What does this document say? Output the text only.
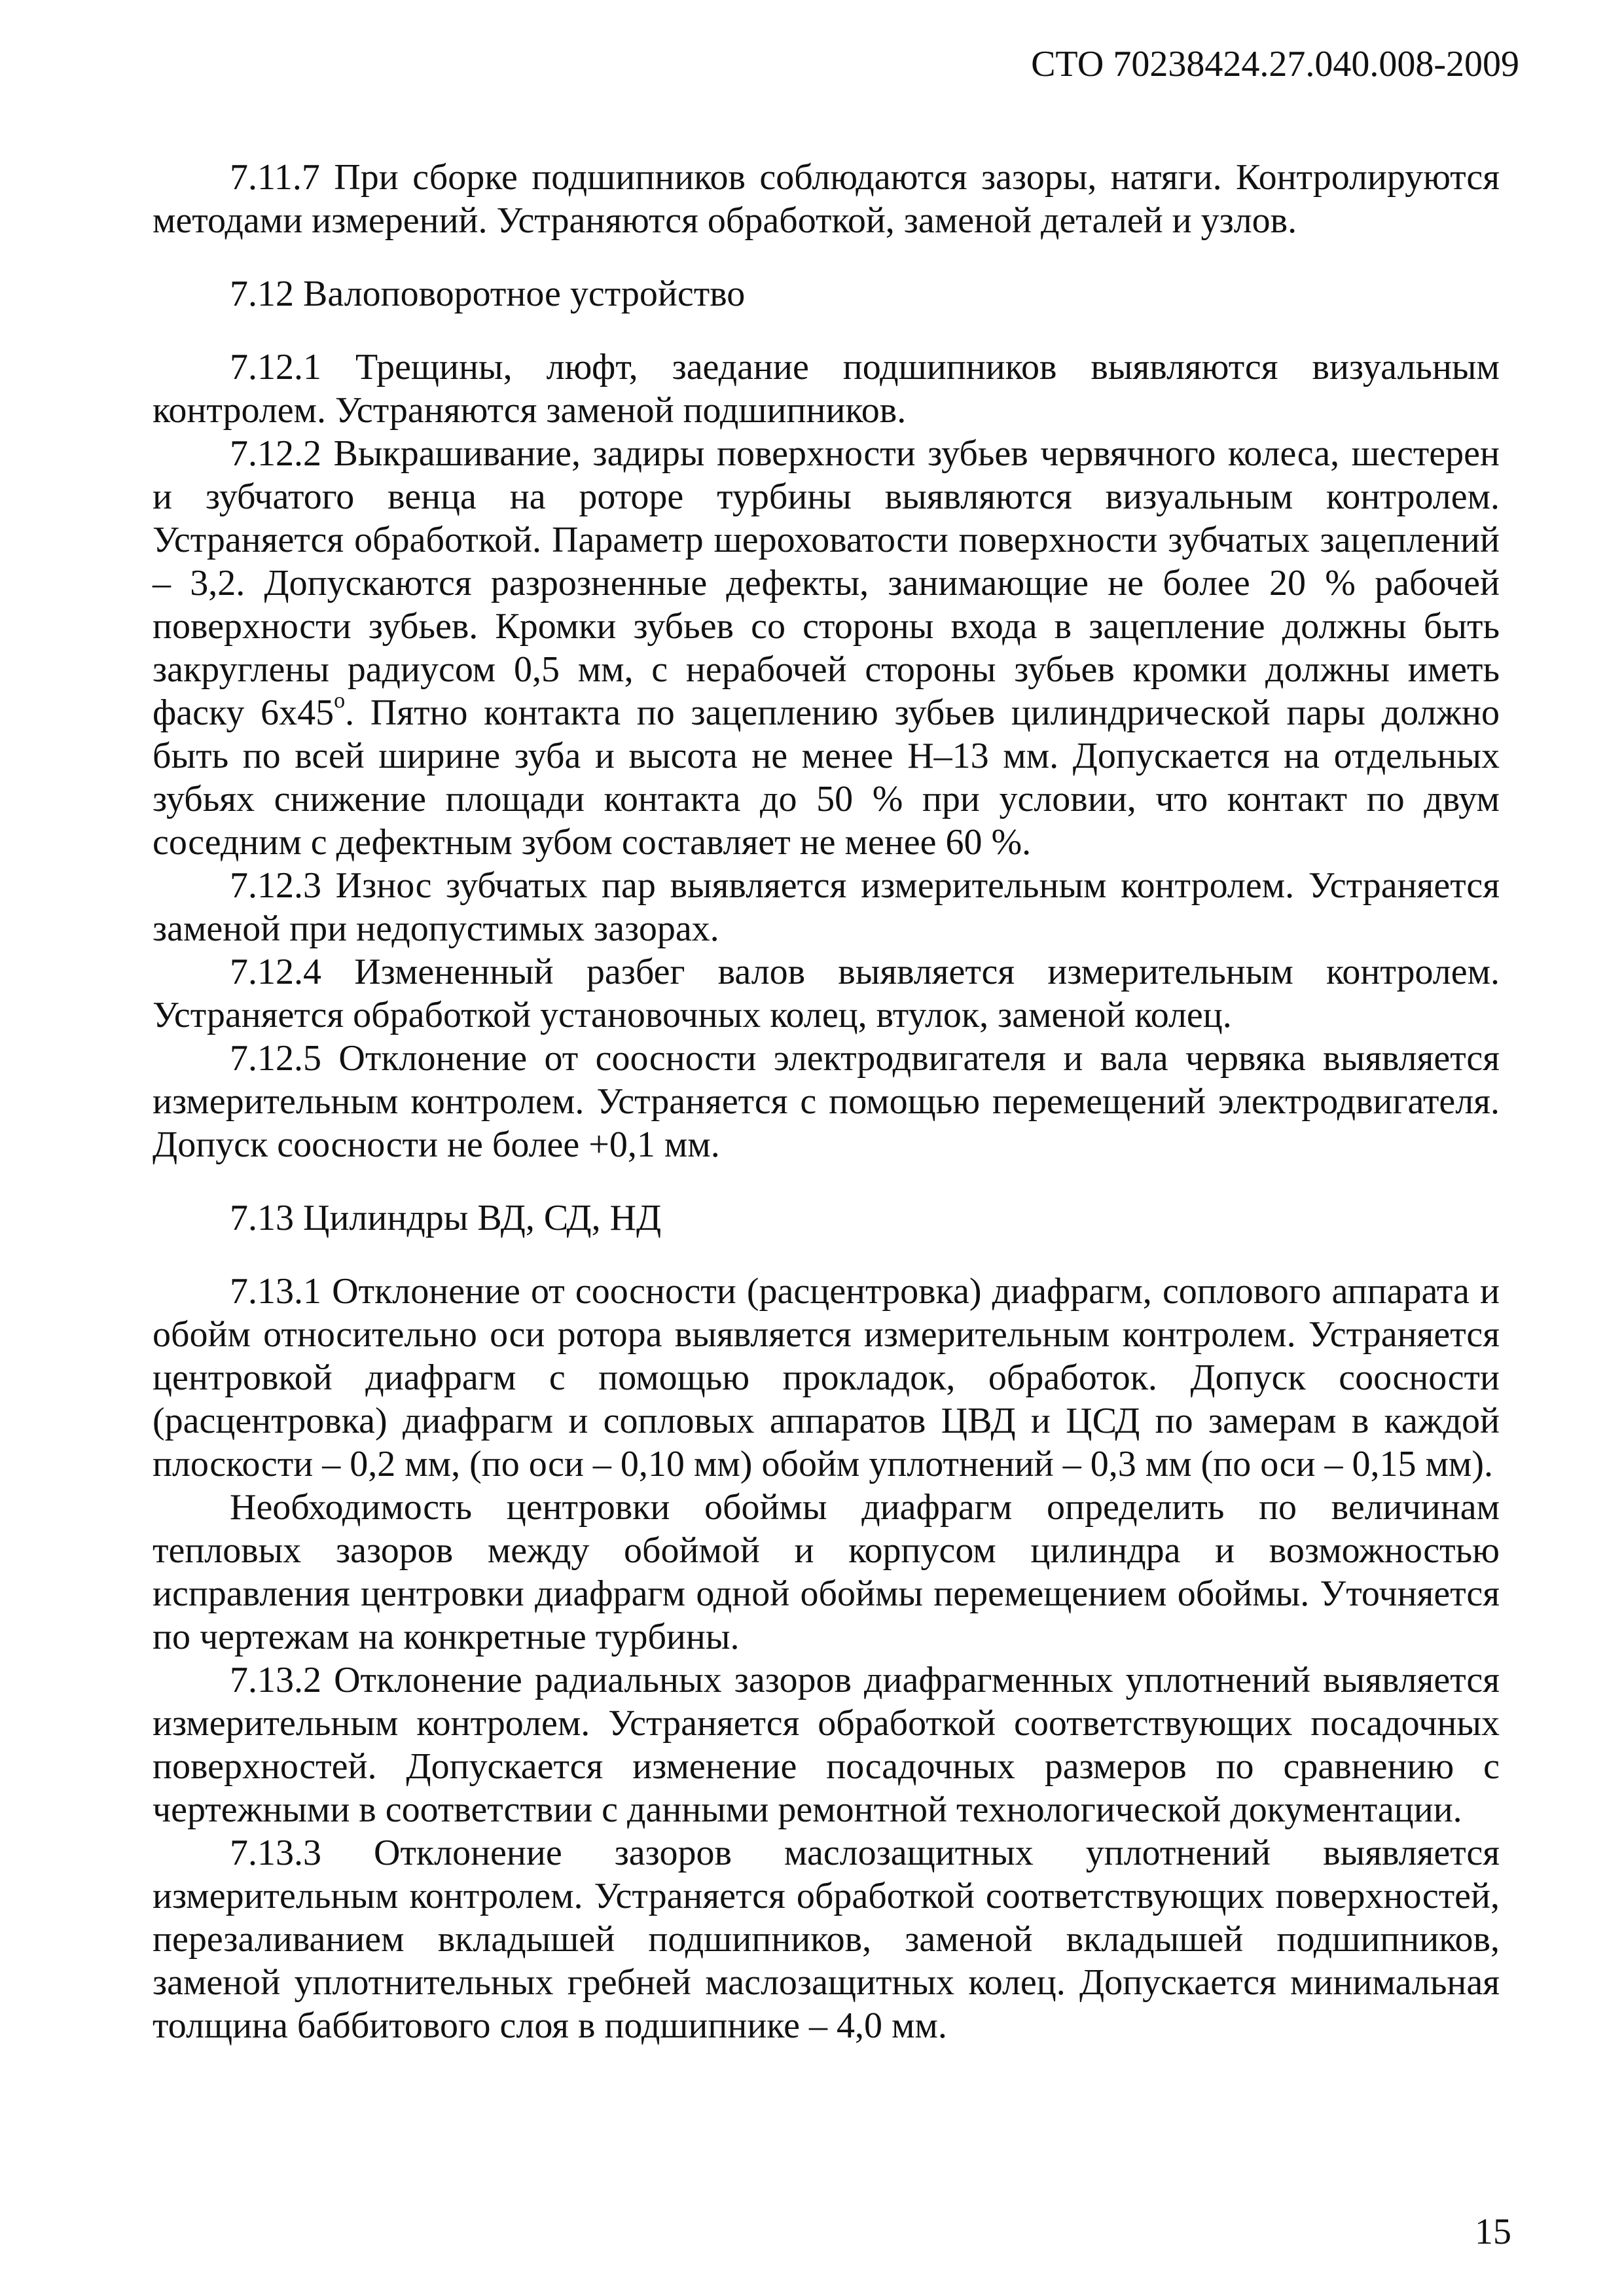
СТО 70238424.27.040.008-2009

7.11.7 При сборке подшипников соблюдаются зазоры, натяги. Контролируются методами измерений. Устраняются обработкой, заменой деталей и узлов.

7.12 Валоповоротное устройство

7.12.1 Трещины, люфт, заедание подшипников выявляются визуальным контролем. Устраняются заменой подшипников.

7.12.2 Выкрашивание, задиры поверхности зубьев червячного колеса, шестерен и зубчатого венца на роторе турбины выявляются визуальным контролем. Устраняется обработкой. Параметр шероховатости поверхности зубчатых зацеплений – 3,2. Допускаются разрозненные дефекты, занимающие не более 20 % рабочей поверхности зубьев. Кромки зубьев со стороны входа в зацепление должны быть закруглены радиусом 0,5 мм, с нерабочей стороны зубьев кромки должны иметь фаску 6х45$^o$. Пятно контакта по зацеплению зубьев цилиндрической пары должно быть по всей ширине зуба и высота не менее Н–13 мм. Допускается на отдельных зубьях снижение площади контакта до 50 % при условии, что контакт по двум соседним с дефектным зубом составляет не менее 60 %.

7.12.3 Износ зубчатых пар выявляется измерительным контролем. Устраняется заменой при недопустимых зазорах.

7.12.4 Измененный разбег валов выявляется измерительным контролем. Устраняется обработкой установочных колец, втулок, заменой колец.

7.12.5 Отклонение от соосности электродвигателя и вала червяка выявляется измерительным контролем. Устраняется с помощью перемещений электродвигателя. Допуск соосности не более +0,1 мм.

7.13 Цилиндры ВД, СД, НД

7.13.1 Отклонение от соосности (расцентровка) диафрагм, соплового аппарата и обойм относительно оси ротора выявляется измерительным контролем. Устраняется центровкой диафрагм с помощью прокладок, обработок. Допуск соосности (расцентровка) диафрагм и сопловых аппаратов ЦВД и ЦСД по замерам в каждой плоскости – 0,2 мм, (по оси – 0,10 мм) обойм уплотнений – 0,3 мм (по оси – 0,15 мм).

Необходимость центровки обоймы диафрагм определить по величинам тепловых зазоров между обоймой и корпусом цилиндра и возможностью исправления центровки диафрагм одной обоймы перемещением обоймы. Уточняется по чертежам на конкретные турбины.

7.13.2 Отклонение радиальных зазоров диафрагменных уплотнений выявляется измерительным контролем. Устраняется обработкой соответствующих посадочных поверхностей. Допускается изменение посадочных размеров по сравнению с чертежными в соответствии с данными ремонтной технологической документации.

7.13.3 Отклонение зазоров маслозащитных уплотнений выявляется измерительным контролем. Устраняется обработкой соответствующих поверхностей, перезаливанием вкладышей подшипников, заменой вкладышей подшипников, заменой уплотнительных гребней маслозащитных колец. Допускается минимальная толщина баббитового слоя в подшипнике – 4,0 мм.

15
